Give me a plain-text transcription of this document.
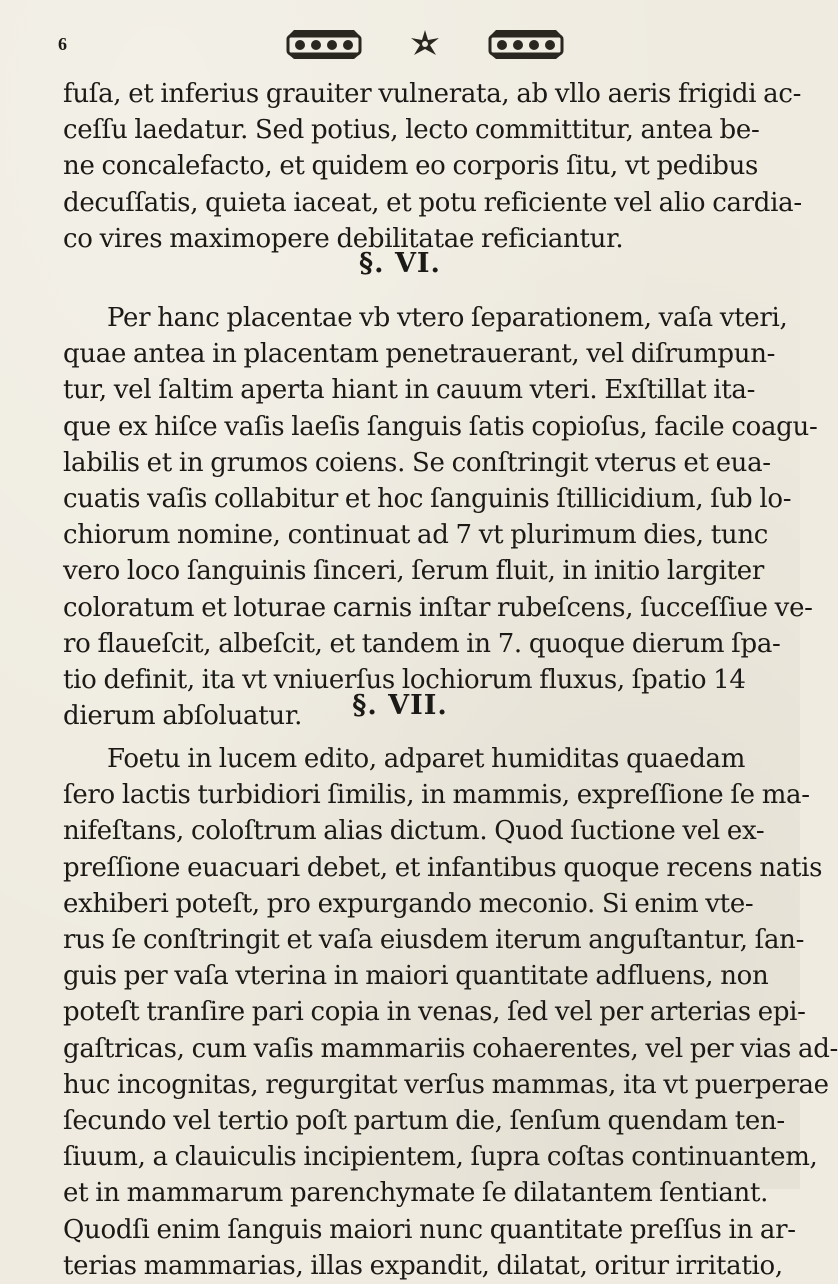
6
fuſa, et inferius grauiter vulnerata, ab vllo aeris frigidi ac-
ceſſu laedatur. Sed potius, lecto committitur, antea be-
ne concalefacto, et quidem eo corporis ſitu, vt pedibus
decuſſatis, quieta iaceat, et potu reficiente vel alio cardia-
co vires maximopere debilitatae reficiantur.
§. VI.
Per hanc placentae vb vtero ſeparationem, vaſa vteri,
quae antea in placentam penetrauerant, vel diſrumpun-
tur, vel ſaltim aperta hiant in cauum vteri. Exſtillat ita-
que ex hiſce vaſis laeſis ſanguis ſatis copioſus, facile coagu-
labilis et in grumos coiens. Se conſtringit vterus et eua-
cuatis vaſis collabitur et hoc ſanguinis ſtillicidium, ſub lo-
chiorum nomine, continuat ad 7 vt plurimum dies, tunc
vero loco ſanguinis ſinceri, ſerum fluit, in initio largiter
coloratum et loturae carnis inſtar rubeſcens, ſucceſſiue ve-
ro flaueſcit, albeſcit, et tandem in 7. quoque dierum ſpa-
tio definit, ita vt vniuerſus lochiorum fluxus, ſpatio 14
dierum abſoluatur.	§. VII.
Foetu in lucem edito, adparet humiditas quaedam
ſero lactis turbidiori ſimilis, in mammis, expreſſione ſe ma-
nifeſtans, coloſtrum alias dictum. Quod ſuctione vel ex-
preſſione euacuari debet, et infantibus quoque recens natis
exhiberi poteſt, pro expurgando meconio. Si enim vte-
rus ſe conſtringit et vaſa eiusdem iterum anguſtantur, ſan-
guis per vaſa vterina in maiori quantitate adfluens, non
poteſt tranſire pari copia in venas, ſed vel per arterias epi-
gaſtricas, cum vaſis mammariis cohaerentes, vel per vias ad-
huc incognitas, regurgitat verſus mammas, ita vt puerperae
ſecundo vel tertio poſt partum die, ſenſum quendam ten-
ſiuum, a clauiculis incipientem, ſupra coſtas continuantem,
et in mammarum parenchymate ſe dilatantem ſentiant.
Quodſi enim ſanguis maiori nunc quantitate preſſus in ar-
terias mammarias, illas expandit, dilatat, oritur irritatio,
